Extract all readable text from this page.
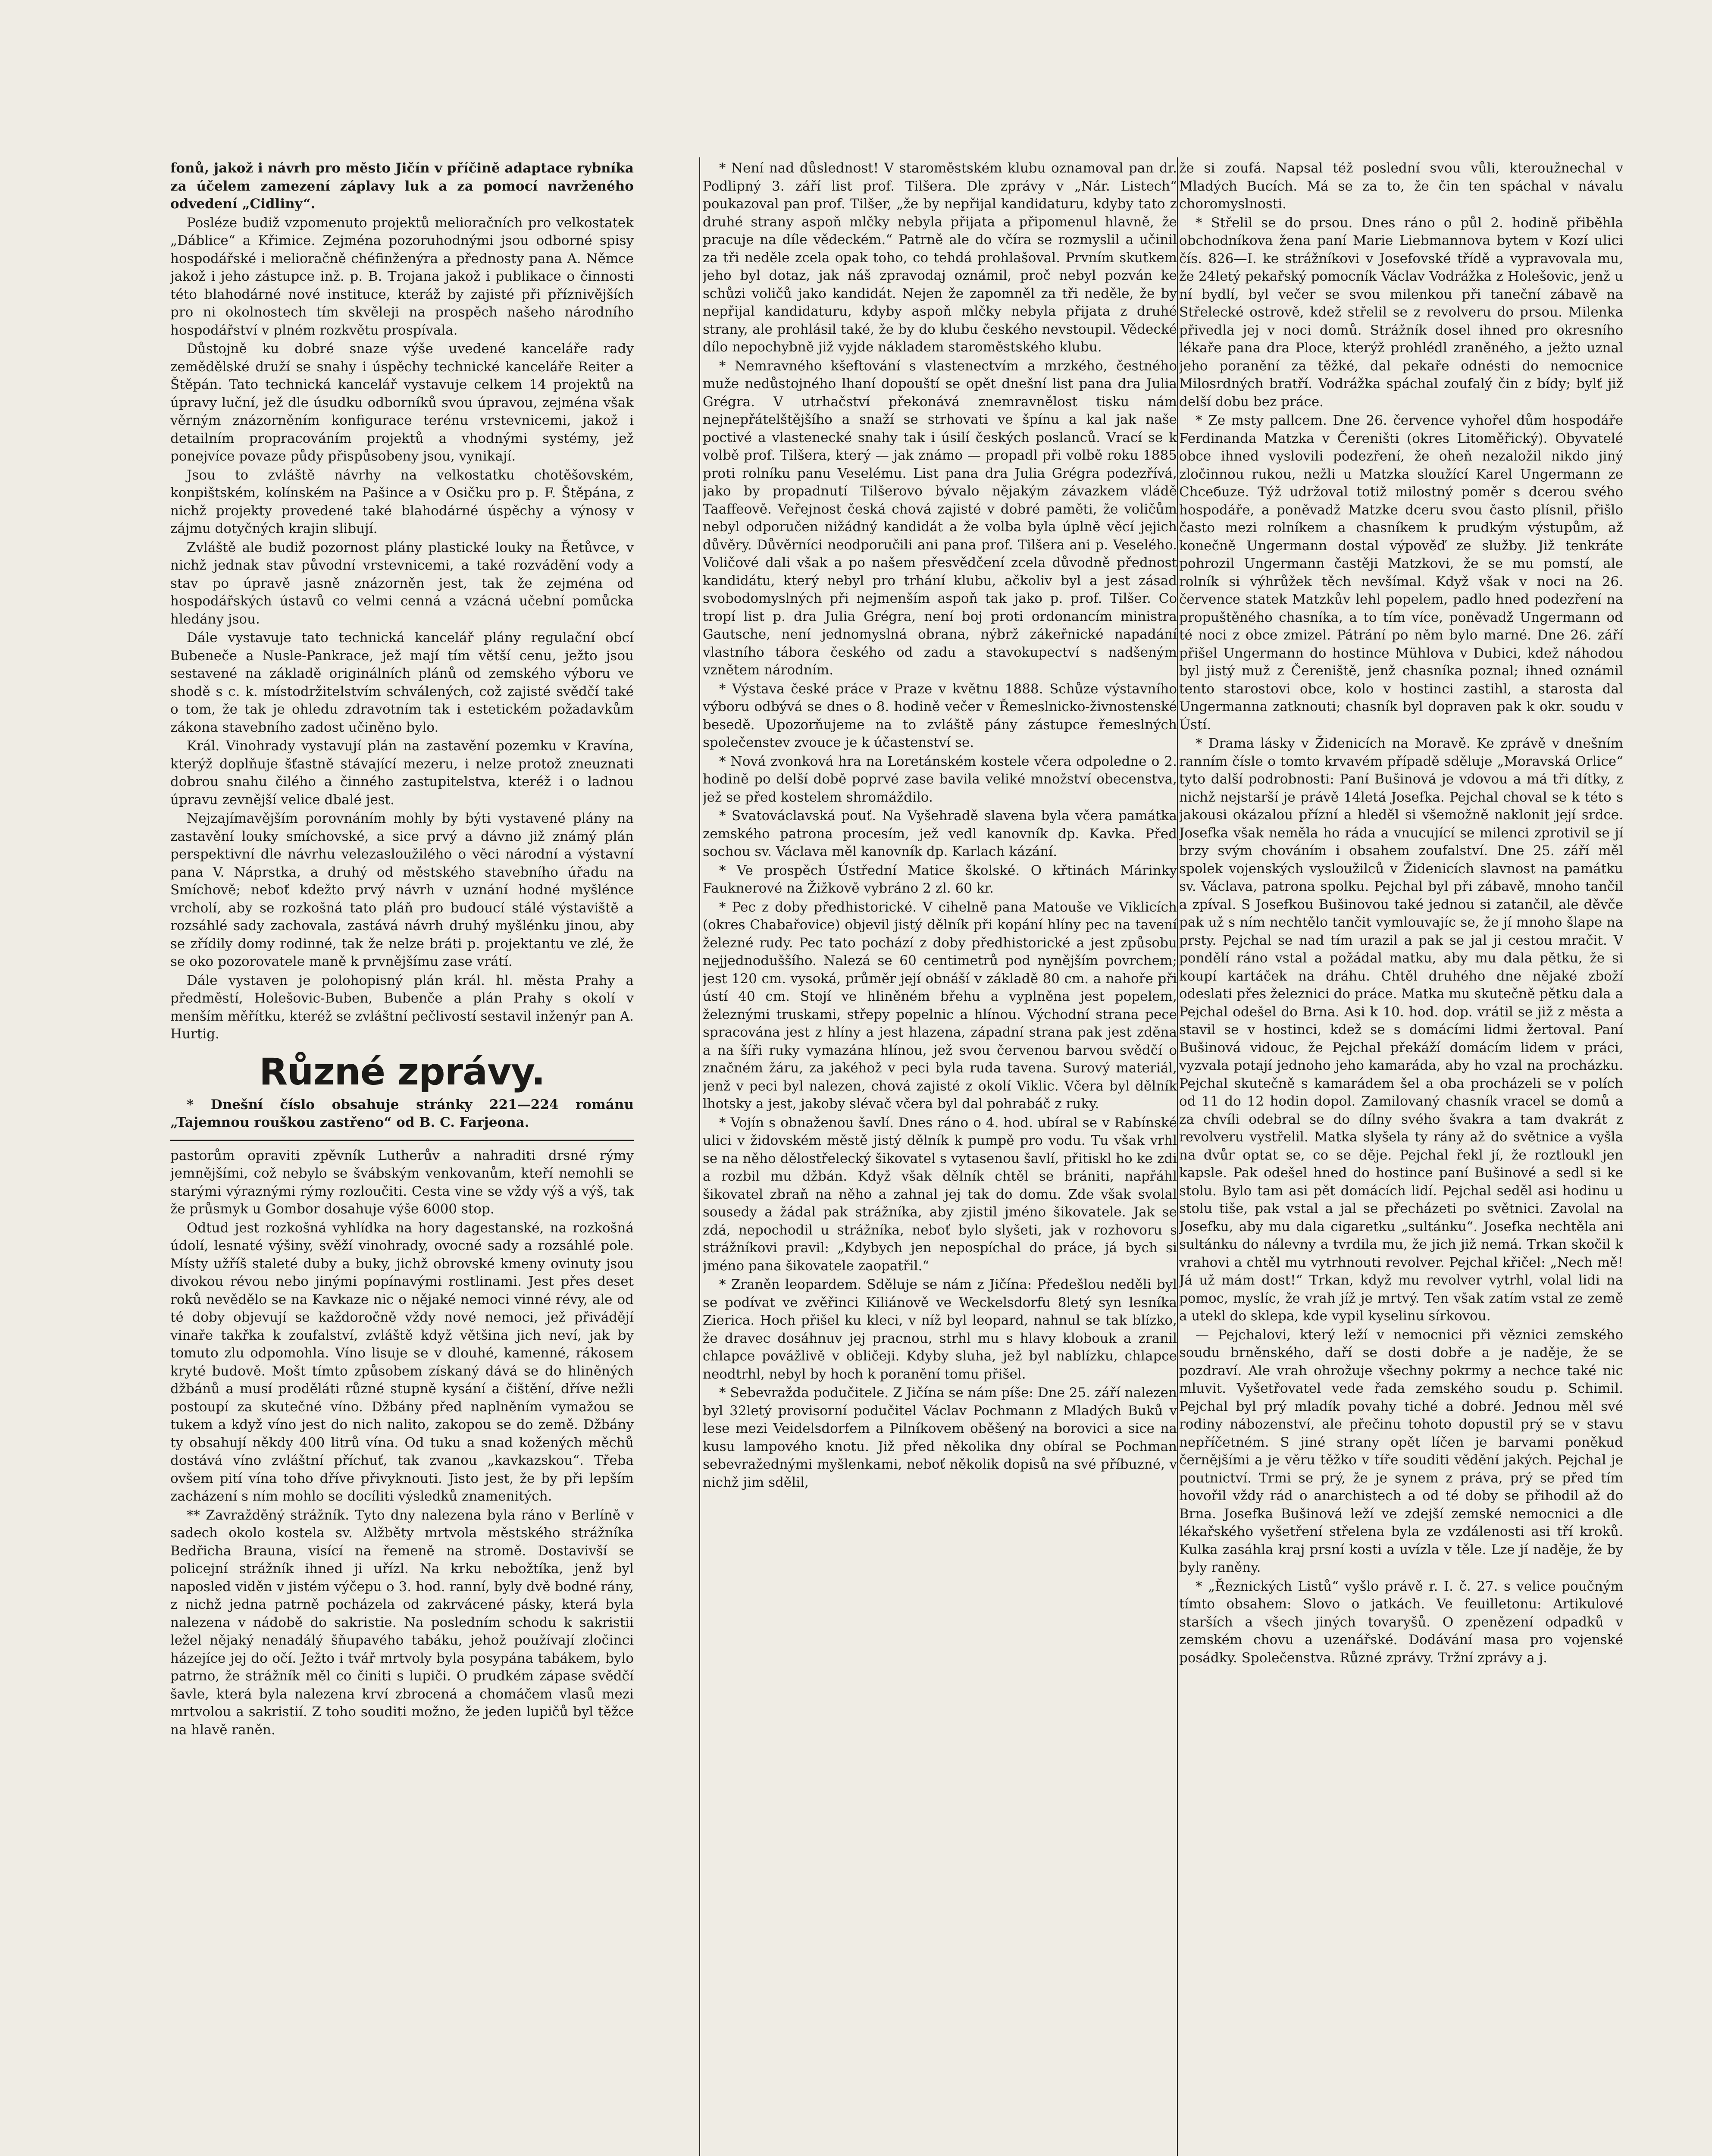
fonů, jakož i návrh pro město Jičín v příčině adaptace rybníka za účelem zamezení záplavy luk a za pomocí navrženého odvedení „Cidliny“.

Posléze budiž vzpomenuto projektů melioračních pro velkostatek „Dáblice“ a Křimice. Zejména pozoruhodnými jsou odborné spisy hospodářské i melioračně chéfinženýra a přednosty pana A. Němce jakož i jeho zástupce inž. p. B. Trojana jakož i publikace o činnosti této blahodárné nové instituce, kteráž by zajisté při příznivějších pro ni okolnostech tím skvěleji na prospěch našeho národního hospodářství v plném rozkvětu prospívala.

Důstojně ku dobré snaze výše uvedené kanceláře rady zemědělské druží se snahy i úspěchy technické kanceláře Reiter a Štěpán. Tato technická kancelář vystavuje celkem 14 projektů na úpravy luční, jež dle úsudku odborníků svou úpravou, zejména však věrným znázorněním konfigurace terénu vrstevnicemi, jakož i detailním propracováním projektů a vhodnými systémy, jež ponejvíce povaze půdy přispůsobeny jsou, vynikají.

Jsou to zvláště návrhy na velkostatku chotěšovském, konpištském, kolínském na Pašince a v Osičku pro p. F. Štěpána, z nichž projekty provedené také blahodárné úspěchy a výnosy v zájmu dotyčných krajin slibují.

Zvláště ale budiž pozornost plány plastické louky na Řetůvce, v nichž jednak stav původní vrstevnicemi, a také rozvádění vody a stav po úpravě jasně znázorněn jest, tak že zejména od hospodářských ústavů co velmi cenná a vzácná učební pomůcka hledány jsou.

Dále vystavuje tato technická kancelář plány regulační obcí Bubeneče a Nusle-Pankrace, jež mají tím větší cenu, ježto jsou sestavené na základě originálních plánů od zemského výboru ve shodě s c. k. místodržitelstvím schválených, což zajisté svědčí také o tom, že tak je ohledu zdravotním tak i estetickém požadavkům zákona stavebního zadost učiněno bylo.

Král. Vinohrady vystavují plán na zastavění pozemku v Kravína, kterýž doplňuje šťastně stávající mezeru, i nelze protož zneuznati dobrou snahu čilého a činného zastupitelstva, kteréž i o ladnou úpravu zevnější velice dbalé jest.

Nejzajímavějším porovnáním mohly by býti vystavené plány na zastavění louky smíchovské, a sice prvý a dávno již známý plán perspektivní dle návrhu velezasloužilého o věci národní a výstavní pana V. Náprstka, a druhý od městského stavebního úřadu na Smíchově; neboť kdežto prvý návrh v uznání hodné myšlénce vrcholí, aby se rozkošná tato pláň pro budoucí stálé výstaviště a rozsáhlé sady zachovala, zastává návrh druhý myšlénku jinou, aby se zřídily domy rodinné, tak že nelze bráti p. projektantu ve zlé, že se oko pozorovatele maně k prvnějšímu zase vrátí.

Dále vystaven je polohopisný plán král. hl. města Prahy a předměstí, Holešovic-Buben, Bubenče a plán Prahy s okolí v menším měřítku, kteréž se zvláštní pečlivostí sestavil inženýr pan A. Hurtig.

Různé zprávy.

* Dnešní číslo obsahuje stránky 221—224 románu „Tajemnou rouškou zastřeno“ od B. C. Farjeona.

pastorům opraviti zpěvník Lutherův a nahraditi drsné rýmy jemnějšími, což nebylo se švábským venkovanům, kteří nemohli se starými výraznými rýmy rozloučiti. Cesta vine se vždy výš a výš, tak že průsmyk u Gombor dosahuje výše 6000 stop.

Odtud jest rozkošná vyhlídka na hory dagestanské, na rozkošná údolí, lesnaté výšiny, svěží vinohrady, ovocné sady a rozsáhlé pole. Místy užříš staleté duby a buky, jichž obrovské kmeny ovinuty jsou divokou révou nebo jinými popínavými rostlinami. Jest přes deset roků nevědělo se na Kavkaze nic o nějaké nemoci vinné révy, ale od té doby objevují se každoročně vždy nové nemoci, jež přivádějí vinaře takřka k zoufalství, zvláště když většina jich neví, jak by tomuto zlu odpomohla. Víno lisuje se v dlouhé, kamenné, rákosem kryté budově. Mošt tímto způsobem získaný dává se do hliněných džbánů a musí proděláti různé stupně kysání a čištění, dříve nežli postoupí za skutečné víno. Džbány před naplněním vymažou se tukem a když víno jest do nich nalito, zakopou se do země. Džbány ty obsahují někdy 400 litrů vína. Od tuku a snad kožených měchů dostává víno zvláštní příchuť, tak zvanou „kavkazskou“. Třeba ovšem pití vína toho dříve přivyknouti. Jisto jest, že by při lepším zacházení s ním mohlo se docíliti výsledků znamenitých.

** Zavražděný strážník. Tyto dny nalezena byla ráno v Berlíně v sadech okolo kostela sv. Alžběty mrtvola městského strážníka Bedřicha Brauna, visící na řemeně na stromě. Dostavivší se policejní strážník ihned ji uřízl. Na krku nebožtíka, jenž byl naposled viděn v jistém výčepu o 3. hod. ranní, byly dvě bodné rány, z nichž jedna patrně pocházela od zakrvácené pásky, která byla nalezena v nádobě do sakristie. Na posledním schodu k sakristii ležel nějaký nenadálý šňupavého tabáku, jehož používají zločinci házejíce jej do očí. Ježto i tvář mrtvoly byla posypána tabákem, bylo patrno, že strážník měl co činiti s lupiči. O prudkém zápase svědčí šavle, která byla nalezena krví zbrocená a chomáčem vlasů mezi mrtvolou a sakristií. Z toho souditi možno, že jeden lupičů byl těžce na hlavě raněn.

* Není nad důslednost! V staroměstském klubu oznamoval pan dr. Podlipný 3. září list prof. Tilšera. Dle zprávy v „Nár. Listech“ poukazoval pan prof. Tilšer, „že by nepřijal kandidaturu, kdyby tato z druhé strany aspoň mlčky nebyla přijata a připomenul hlavně, že pracuje na díle vědeckém.“ Patrně ale do včíra se rozmyslil a učinil za tři neděle zcela opak toho, co tehdá prohlašoval. Prvním skutkem jeho byl dotaz, jak náš zpravodaj oznámil, proč nebyl pozván ke schůzi voličů jako kandidát. Nejen že zapomněl za tři neděle, že by nepřijal kandidaturu, kdyby aspoň mlčky nebyla přijata z druhé strany, ale prohlásil také, že by do klubu českého nevstoupil. Vědecké dílo nepochybně již vyjde nákladem staroměstského klubu.

* Nemravného kšeftování s vlastenectvím a mrzkého, čestného muže nedůstojného lhaní dopouští se opět dnešní list pana dra Julia Grégra. V utrhačství překonává znemravnělost tisku nám nejnepřátelštějšího a snaží se strhovati ve špínu a kal jak naše poctivé a vlastenecké snahy tak i úsilí českých poslanců. Vrací se k volbě prof. Tilšera, který — jak známo — propadl při volbě roku 1885 proti rolníku panu Veselému. List pana dra Julia Grégra podezřívá, jako by propadnutí Tilšerovo bývalo nějakým závazkem vládě Taaffeově. Veřejnost česká chová zajisté v dobré paměti, že voličům nebyl odporučen nižádný kandidát a že volba byla úplně věcí jejich důvěry. Důvěrníci neodporučili ani pana prof. Tilšera ani p. Veselého. Voličové dali však a po našem přesvědčení zcela důvodně přednost kandidátu, který nebyl pro trhání klubu, ačkoliv byl a jest zásad svobodomyslných při nejmenším aspoň tak jako p. prof. Tilšer. Co tropí list p. dra Julia Grégra, není boj proti ordonancím ministra Gautsche, není jednomyslná obrana, nýbrž zákeřnické napadání vlastního tábora českého od zadu a stavokupectví s nadšeným vznětem národním.

* Výstava české práce v Praze v květnu 1888. Schůze výstavního výboru odbývá se dnes o 8. hodině večer v Řemeslnicko-živnostenské besedě. Upozorňujeme na to zvláště pány zástupce řemeslných společenstev zvouce je k účastenství se.

* Nová zvonková hra na Loretánském kostele včera odpoledne o 2. hodině po delší době poprvé zase bavila veliké množství obecenstva, jež se před kostelem shromáždilo.

* Svatováclavská pouť. Na Vyšehradě slavena byla včera památka zemského patrona procesím, jež vedl kanovník dp. Kavka. Před sochou sv. Václava měl kanovník dp. Karlach kázání.

* Ve prospěch Ústřední Matice školské. O křtinách Márinky Fauknerové na Žižkově vybráno 2 zl. 60 kr.

* Pec z doby předhistorické. V cihelně pana Matouše ve Viklicích (okres Chabařovice) objevil jistý dělník při kopání hlíny pec na tavení železné rudy. Pec tato pochází z doby předhistorické a jest způsobu nejjednoduššího. Nalezá se 60 centimetrů pod nynějším povrchem; jest 120 cm. vysoká, průměr její obnáší v základě 80 cm. a nahoře při ústí 40 cm. Stojí ve hliněném břehu a vyplněna jest popelem, železnými truskami, střepy popelnic a hlínou. Východní strana pece spracována jest z hlíny a jest hlazena, západní strana pak jest zděna a na šíři ruky vymazána hlínou, jež svou červenou barvou svědčí o značném žáru, za jakéhož v peci byla ruda tavena. Surový materiál, jenž v peci byl nalezen, chová zajisté z okolí Viklic. Včera byl dělník lhotsky a jest, jakoby slévač včera byl dal pohrabáč z ruky.

* Vojín s obnaženou šavlí. Dnes ráno o 4. hod. ubíral se v Rabínské ulici v židovském městě jistý dělník k pumpě pro vodu. Tu však vrhl se na něho dělostřelecký šikovatel s vytasenou šavlí, přitiskl ho ke zdi a rozbil mu džbán. Když však dělník chtěl se brániti, napřáhl šikovatel zbraň na něho a zahnal jej tak do domu. Zde však svolal sousedy a žádal pak strážníka, aby zjistil jméno šikovatele. Jak se zdá, nepochodil u strážníka, neboť bylo slyšeti, jak v rozhovoru s strážníkovi pravil: „Kdybych jen nepospíchal do práce, já bych si jméno pana šikovatele zaopatřil.“

* Zraněn leopardem. Sděluje se nám z Jičína: Předešlou neděli byl se podívat ve zvěřinci Kiliánově ve Weckelsdorfu 8letý syn lesníka Zieriса. Hoch přišel ku kleci, v níž byl leopard, nahnul se tak blízko, že dravec dosáhnuv jej pracnou, strhl mu s hlavy klobouk a zranil chlapce povážlivě v obličeji. Kdyby sluha, jež byl nablízku, chlapce neodtrhl, nebyl by hoch k poranění tomu přišel.

* Sebevražda podučitele. Z Jičína se nám píše: Dne 25. září nalezen byl 32letý provisorní podučitel Václav Pochmann z Mladých Buků v lese mezi Veidelsdorfem a Pilníkovem oběšený na borovici a sice na kusu lampového knotu. Již před několika dny obíral se Pochman sebevražednými myšlenkami, neboť několik dopisů na své příbuzné, v nichž jim sdělil,

že si zoufá. Napsal též poslední svou vůli, kteroužnechal v Mladých Bucích. Má se za to, že čin ten spáchal v návalu choromyslnosti.

* Střelil se do prsou. Dnes ráno o půl 2. hodině přiběhla obchodníkova žena paní Marie Liebmannova bytem v Kozí ulici čís. 826—I. ke strážníkovi v Josefovské třídě a vypravovala mu, že 24letý pekařský pomocník Václav Vodrážka z Holešovic, jenž u ní bydlí, byl večer se svou milenkou při taneční zábavě na Střelecké ostrově, kdež střelil se z revolveru do prsou. Milenka přivedla jej v noci domů. Strážník dosel ihned pro okresního lékaře pana dra Ploce, kterýž prohlédl zraněného, a ježto uznal jeho poranění za těžké, dal pekaře odnésti do nemocnice Milosrdných bratří. Vodrážka spáchal zoufalý čin z bídy; bylť již delší dobu bez práce.

* Ze msty pallcem. Dne 26. července vyhořel dům hospodáře Ferdinanda Matzka v Čereništi (okres Litoměřický). Obyvatelé obce ihned vyslovili podezření, že oheň nezaložil nikdo jiný zločinnou rukou, nežli u Matzka sloužící Karel Ungermann ze Chceбuze. Týž udržoval totiž milostný poměr s dcerou svého hospodáře, a poněvadž Matzke dceru svou často plísnil, přišlo často mezi rolníkem a chasníkem k prudkým výstupům, až konečně Ungermann dostal výpověď ze služby. Již tenkráte pohrozil Ungermann častěji Matzkovi, že se mu pomstí, ale rolník si výhrůžek těch nevšímal. Když však v noci na 26. července statek Matzkův lehl popelem, padlo hned podezření na propuštěného chasníka, a to tím více, poněvadž Ungermann od té noci z obce zmizel. Pátrání po něm bylo marné. Dne 26. září přišel Ungermann do hostince Mühlova v Dubici, kdež náhodou byl jistý muž z Čereniště, jenž chasníka poznal; ihned oznámil tento starostovi obce, kolo v hostinci zastihl, a starosta dal Ungermanna zatknouti; chasník byl dopraven pak k okr. soudu v Ústí.

* Drama lásky v Židenicích na Moravě. Ke zprávě v dnešním ranním čísle o tomto krvavém případě sděluje „Moravská Orlice“ tyto další podrobnosti: Paní Bušinová je vdovou a má tři dítky, z nichž nejstarší je právě 14letá Josefka. Pejchal choval se k této s jakousi okázalou přízní a hleděl si všemožně naklonit její srdce. Josefka však neměla ho ráda a vnucující se milenci zprotivil se jí brzy svým chováním i obsahem zoufalství. Dne 25. září měl spolek vojenských vysloužilců v Židenicích slavnost na památku sv. Václava, patrona spolku. Pejchal byl při zábavě, mnoho tančil a zpíval. S Josefkou Bušinovou také jednou si zatančil, ale děvče pak už s ním nechtělo tančit vymlouvajíc se, že jí mnoho šlape na prsty. Pejchal se nad tím urazil a pak se jal ji cestou mračit. V pondělí ráno vstal a požádal matku, aby mu dala pětku, že si koupí kartáček na dráhu. Chtěl druhého dne nějaké zboží odeslati přes železnici do práce. Matka mu skutečně pětku dala a Pejchal odešel do Brna. Asi k 10. hod. dop. vrátil se již z města a stavil se v hostinci, kdež se s domácími lidmi žertoval. Paní Bušinová vidouc, že Pejchal překáží domácím lidem v práci, vyzvala potají jednoho jeho kamaráda, aby ho vzal na procházku. Pejchal skutečně s kamarádem šel a oba procházeli se v polích od 11 do 12 hodin dopol. Zamilovaný chasník vracel se domů a za chvíli odebral se do dílny svého švakra a tam dvakrát z revolveru vystřelil. Matka slyšela ty rány až do světnice a vyšla na dvůr optat se, co se děje. Pejchal řekl jí, že roztloukl jen kapsle. Pak odešel hned do hostince paní Bušinové a sedl si ke stolu. Bylo tam asi pět domácích lidí. Pejchal seděl asi hodinu u stolu tiše, pak vstal a jal se přecházeti po světnici. Zavolal na Josefku, aby mu dala cigaretku „sultánku“. Josefka nechtěla ani sultánku do nálevny a tvrdila mu, že jich již nemá. Trkan skočil k vrahovi a chtěl mu vytrhnouti revolver. Pejchal křičel: „Nech mě! Já už mám dost!“ Trkan, když mu revolver vytrhl, volal lidi na pomoc, myslíc, že vrah jíž je mrtvý. Ten však zatím vstal ze země a utekl do sklepa, kde vypil kyselinu sírkovou.

— Pejchalovi, který leží v nemocnici při věznici zemského soudu brněnského, daří se dosti dobře a je naděje, že se pozdraví. Ale vrah ohrožuje všechny pokrmy a nechce také nic mluvit. Vyšetřovatel vede řada zemského soudu p. Schimil. Pejchal byl prý mladík povahy tiché a dobré. Jednou měl své rodiny nábozenství, ale přečinu tohoto dopustil prý se v stavu nepříčetném. S jiné strany opět líčen je barvami poněkud černějšími a je věru těžko v tíře souditi vědění jakých. Pejchal je poutnictví. Trmi se prý, že je synem z práva, prý se před tím hovořil vždy rád o anarchistech a od té doby se přihodil až do Brna. Josefka Bušinová leží ve zdejší zemské nemocnici a dle lékařského vyšetření střelena byla ze vzdálenosti asi tří kroků. Kulka zasáhla kraj prsní kosti a uvízla v těle. Lze jí naděje, že by byly raněny.

* „Řeznických Listů“ vyšlo právě r. I. č. 27. s velice poučným tímto obsahem: Slovo o jatkách. Ve feuilletonu: Artikulové starších a všech jiných tovaryšů. O zpenězení odpadků v zemském chovu a uzenářské. Dodávání masa pro vojenské posádky. Společenstva. Různé zprávy. Tržní zprávy a j.
